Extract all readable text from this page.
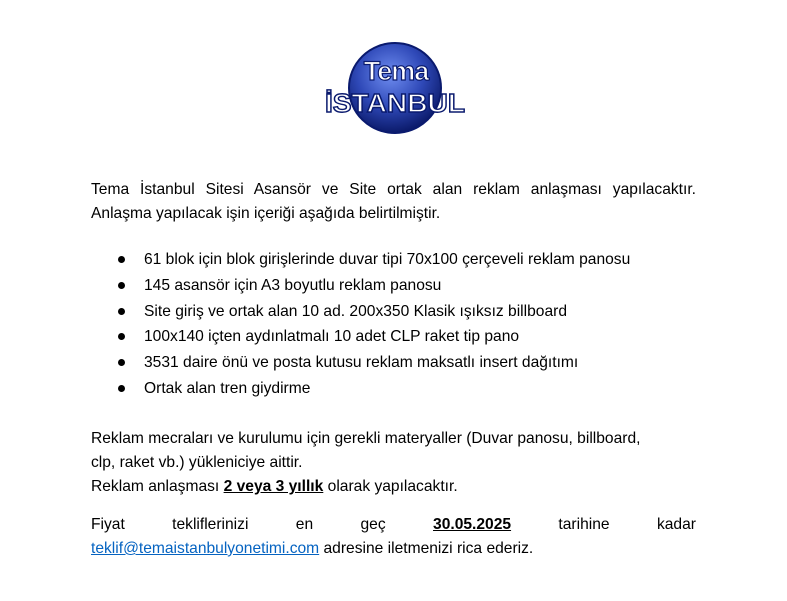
Tema
İSTANBUL
Tema İstanbul Sitesi Asansör ve Site ortak alan reklam anlaşması yapılacaktır.
Anlaşma yapılacak işin içeriği aşağıda belirtilmiştir.
61 blok için blok girişlerinde duvar tipi 70x100 çerçeveli reklam panosu
145 asansör için A3 boyutlu reklam panosu
Site giriş ve ortak alan 10 ad. 200x350 Klasik ışıksız billboard
100x140 içten aydınlatmalı 10 adet CLP raket tip pano
3531 daire önü ve posta kutusu reklam maksatlı insert dağıtımı
Ortak alan tren giydirme
Reklam mecraları ve kurulumu için gerekli materyaller (Duvar panosu, billboard,
clp, raket vb.) yükleniciye aittir.
Reklam anlaşması 2 veya 3 yıllık olarak yapılacaktır.
Fiyat	tekliflerinizi	en	geç	30.05.2025	tarihine	kadar
teklif@temaistanbulyonetimi.com adresine iletmenizi rica ederiz.
